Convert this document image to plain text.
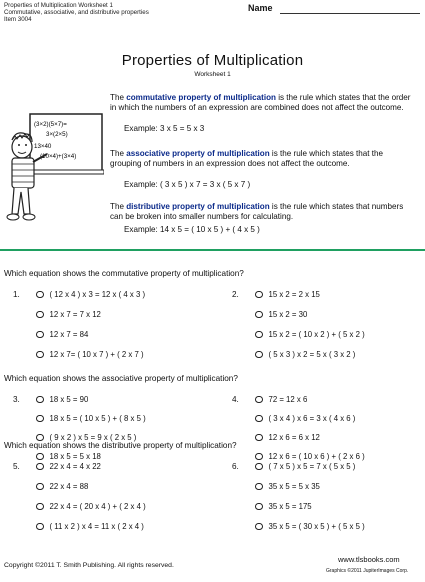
Properties of Multiplication Worksheet 1
Commutative, associative, and distributive properties
Item 3004
Name
Properties of Multiplication
Worksheet 1
(3×2)(5×7)=
3×(2×5)
13×40
(10×4)+(3×4)
The commutative property of multiplication is the rule which states that the order in which the numbers of an expression are combined does not affect the outcome.
Example: 3 x 5 = 5 x 3
The associative property of multiplication is the rule which states that the grouping of numbers in an expression does not affect the outcome.
Example: ( 3 x 5 ) x 7 = 3 x ( 5 x 7 )
The distributive property of multiplication is the rule which states that numbers can be broken into smaller numbers for calculating.
Example: 14 x 5 = ( 10 x 5 ) + ( 4 x 5 )
Which equation shows the commutative property of multiplication?
1.	( 12 x 4 ) x 3 = 12 x ( 4 x 3 )
12 x 7 = 7 x 12
12 x 7 = 84
12 x 7= ( 10 x 7 ) + ( 2 x 7 )
2.	15 x 2 = 2 x 15
15 x 2 = 30
15 x 2 = ( 10 x 2 ) + ( 5 x 2 )
( 5 x 3 ) x 2 = 5 x ( 3 x 2 )
Which equation shows the associative property of multiplication?
3.	18 x 5 = 90
18 x 5 = ( 10 x 5 ) + ( 8 x 5 )
( 9 x 2 ) x 5 = 9 x ( 2 x 5 )
18 x 5 = 5 x 18
4.	72 = 12 x 6
( 3 x 4 ) x 6 = 3 x ( 4 x 6 )
12 x 6 = 6 x 12
12 x 6 = ( 10 x 6 ) + ( 2 x 6 )
Which equation shows the distributive property of multiplication?
5.	22 x 4 = 4 x 22
22 x 4 = 88
22 x 4 = ( 20 x 4 ) + ( 2 x 4 )
( 11 x 2 ) x 4 = 11 x ( 2 x 4 )
6.	( 7 x 5 ) x 5 = 7 x ( 5 x 5 )
35 x 5 = 5 x 35
35 x 5 = 175
35 x 5 = ( 30 x 5 ) + ( 5 x 5 )
Copyright ©2011 T. Smith Publishing. All rights reserved.
www.tlsbooks.com
Graphics ©2011 JupiterImages Corp.
